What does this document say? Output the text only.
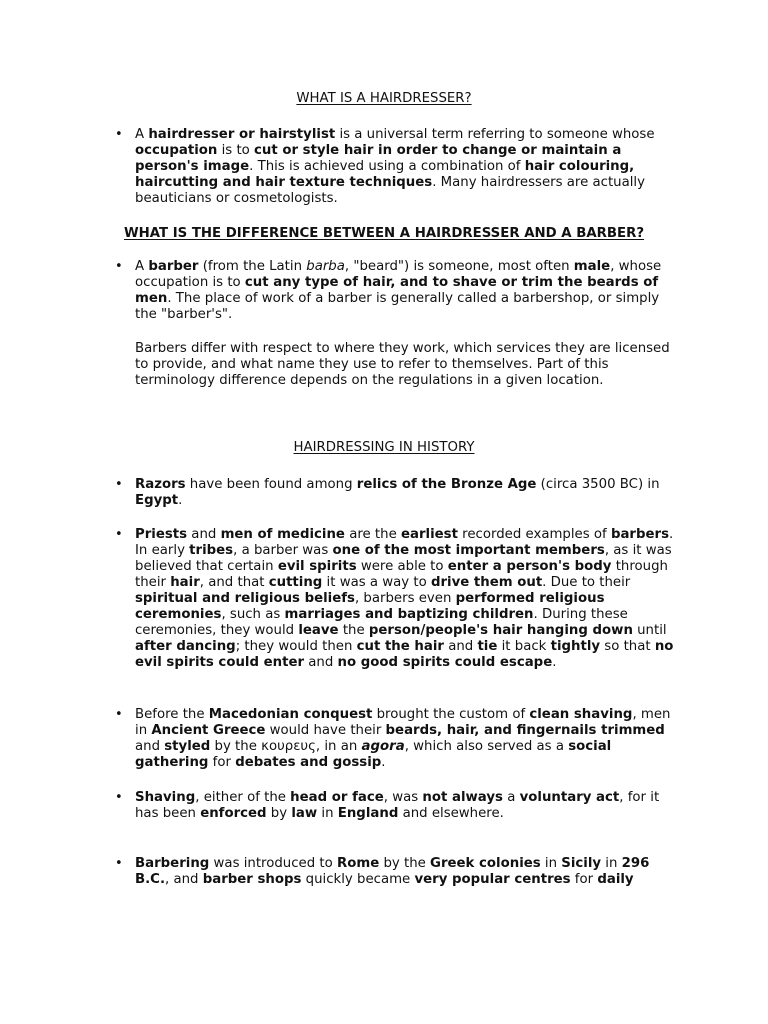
WHAT IS A HAIRDRESSER?
• A hairdresser or hairstylist is a universal term referring to someone whose occupation is to cut or style hair in order to change or maintain a person's image. This is achieved using a combination of hair colouring, haircutting and hair texture techniques. Many hairdressers are actually beauticians or cosmetologists.

WHAT IS THE DIFFERENCE BETWEEN A HAIRDRESSER AND A BARBER?
• A barber (from the Latin barba, "beard") is someone, most often male, whose occupation is to cut any type of hair, and to shave or trim the beards of men. The place of work of a barber is generally called a barbershop, or simply the "barber's".

Barbers differ with respect to where they work, which services they are licensed to provide, and what name they use to refer to themselves. Part of this terminology difference depends on the regulations in a given location.
HAIRDRESSING IN HISTORY
• Razors have been found among relics of the Bronze Age (circa 3500 BC) in Egypt.

• Priests and men of medicine are the earliest recorded examples of barbers. In early tribes, a barber was one of the most important members, as it was believed that certain evil spirits were able to enter a person's body through their hair, and that cutting it was a way to drive them out. Due to their spiritual and religious beliefs, barbers even performed religious ceremonies, such as marriages and baptizing children. During these ceremonies, they would leave the person/people's hair hanging down until after dancing; they would then cut the hair and tie it back tightly so that no evil spirits could enter and no good spirits could escape.

• Before the Macedonian conquest brought the custom of clean shaving, men in Ancient Greece would have their beards, hair, and fingernails trimmed and styled by the κουρευς, in an agora, which also served as a social gathering for debates and gossip.

• Shaving, either of the head or face, was not always a voluntary act, for it has been enforced by law in England and elsewhere.

• Barbering was introduced to Rome by the Greek colonies in Sicily in 296 B.C., and barber shops quickly became very popular centres for daily
